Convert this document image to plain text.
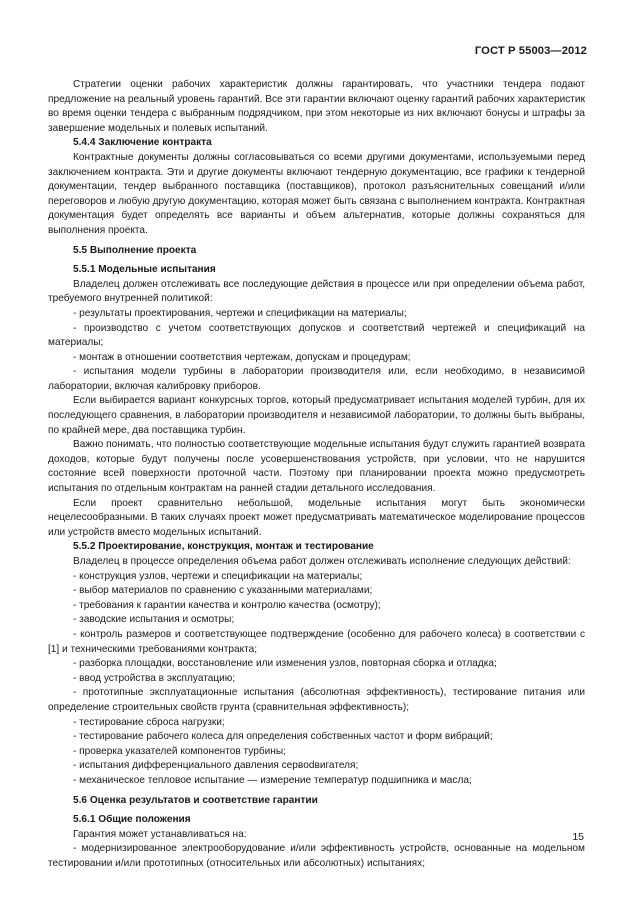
ГОСТ Р 55003—2012

Стратегии оценки рабочих характеристик должны гарантировать, что участники тендера подают предложение на реальный уровень гарантий. Все эти гарантии включают оценку гарантий рабочих характеристик во время оценки тендера с выбранным подрядчиком, при этом некоторые из них включают бонусы и штрафы за завершение модельных и полевых испытаний.

5.4.4 Заключение контракта

Контрактные документы должны согласовываться со всеми другими документами, используемыми перед заключением контракта. Эти и другие документы включают тендерную документацию, все графики к тендерной документации, тендер выбранного поставщика (поставщиков), протокол разъяснительных совещаний и/или переговоров и любую другую документацию, которая может быть связана с выполнением контракта. Контрактная документация будет определять все варианты и объем альтернатив, которые должны сохраняться для выполнения проекта.

5.5 Выполнение проекта

5.5.1 Модельные испытания

Владелец должен отслеживать все последующие действия в процессе или при определении объема работ, требуемого внутренней политикой:

- результаты проектирования, чертежи и спецификации на материалы;

- производство с учетом соответствующих допусков и соответствий чертежей и спецификаций на материалы;

- монтаж в отношении соответствия чертежам, допускам и процедурам;

- испытания модели турбины в лаборатории производителя или, если необходимо, в независимой лаборатории, включая калибровку приборов.

Если выбирается вариант конкурсных торгов, который предусматривает испытания моделей турбин, для их последующего сравнения, в лаборатории производителя и независимой лаборатории, то должны быть выбраны, по крайней мере, два поставщика турбин.

Важно понимать, что полностью соответствующие модельные испытания будут служить гарантией возврата доходов, которые будут получены после усовершенствования устройств, при условии, что не нарушится состояние всей поверхности проточной части. Поэтому при планировании проекта можно предусмотреть испытания по отдельным контрактам на ранней стадии детального исследования.

Если проект сравнительно небольшой, модельные испытания могут быть экономически нецелесообразными. В таких случаях проект может предусматривать математическое моделирование процессов или устройств вместо модельных испытаний.

5.5.2 Проектирование, конструкция, монтаж и тестирование

Владелец в процессе определения объема работ должен отслеживать исполнение следующих действий:

- конструкция узлов, чертежи и спецификации на материалы;

- выбор материалов по сравнению с указанными материалами;

- требования к гарантии качества и контролю качества (осмотру);

- заводские испытания и осмотры;

- контроль размеров и соответствующее подтверждение (особенно для рабочего колеса) в соответствии с [1] и техническими требованиями контракта;

- разборка площадки, восстановление или изменения узлов, повторная сборка и отладка;

- ввод устройства в эксплуатацию;

- прототипные эксплуатационные испытания (абсолютная эффективность), тестирование питания или определение строительных свойств грунта (сравнительная эффективность);

- тестирование сброса нагрузки;

- тестирование рабочего колеса для определения собственных частот и форм вибраций;

- проверка указателей компонентов турбины;

- испытания дифференциального давления сервodвигателя;

- механическое тепловое испытание — измерение температур подшипника и масла;

5.6 Оценка результатов и соответствие гарантии

5.6.1 Общие положения

Гарантия может устанавливаться на:

- модернизированное электрооборудование и/или эффективность устройств, основанные на модельном тестировании и/или прототипных (относительных или абсолютных) испытаниях;

15
